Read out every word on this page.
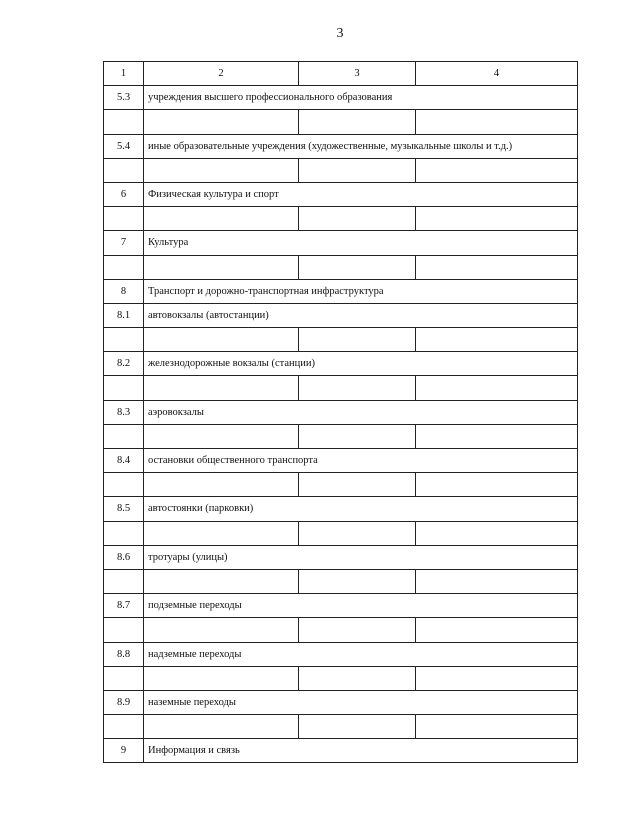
3
1	2	3	4
5.3	учреждения высшего профессионального образования		

5.4	иные образовательные учреждения (художественные, музыкальные школы и т.д.)		

6	Физическая культура и спорт		

7	Культура		

8	Транспорт и дорожно-транспортная инфраструктура		
8.1	автовокзалы (автостанции)		

8.2	железнодорожные вокзалы (станции)		

8.3	аэровокзалы		

8.4	остановки общественного транспорта		

8.5	автостоянки (парковки)		

8.6	тротуары (улицы)		

8.7	подземные переходы		

8.8	надземные переходы		

8.9	наземные переходы		

9	Информация и связь		
